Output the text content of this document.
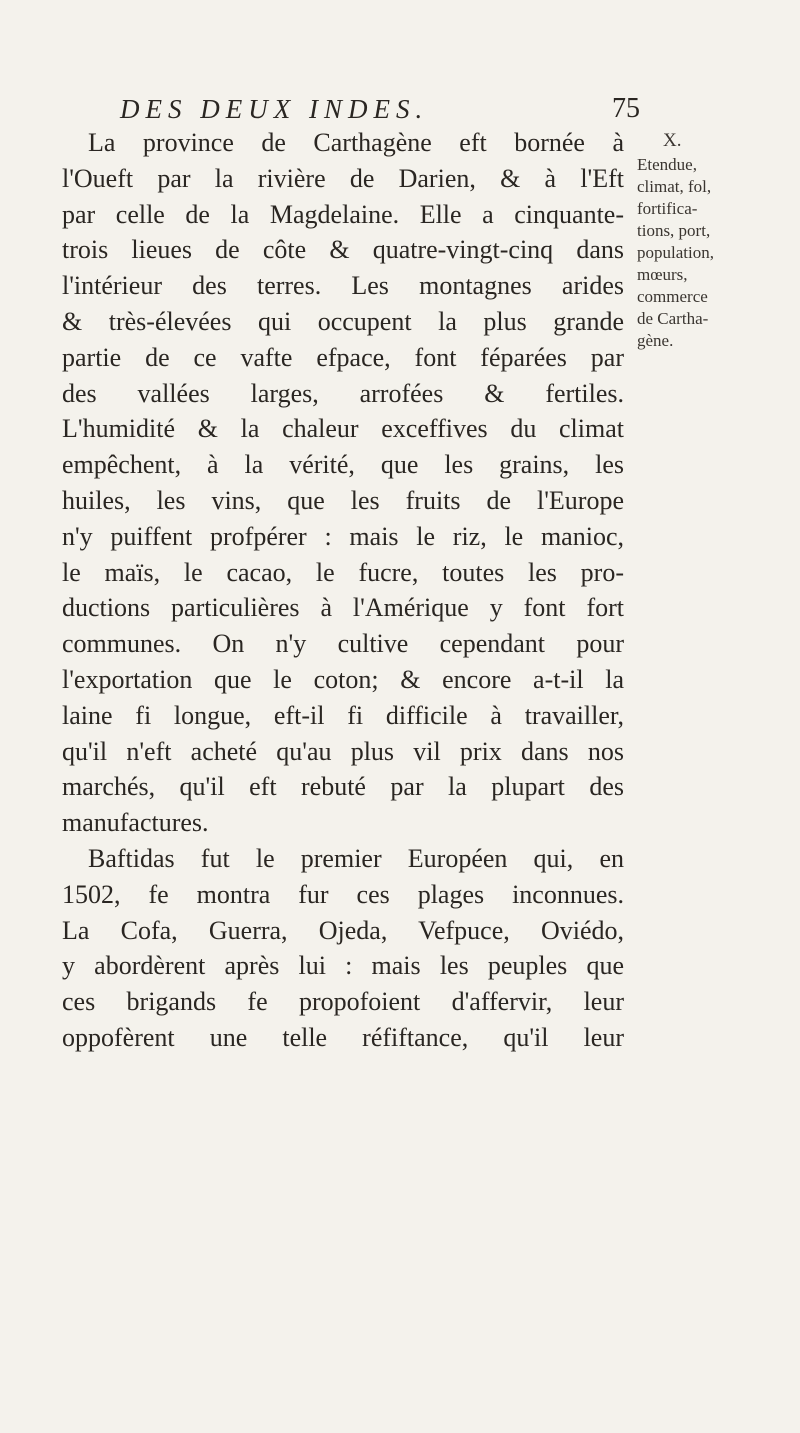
DES DEUX INDES.	75
La province de Carthagène eft bornée à
l'Oueft par la rivière de Darien, & à l'Eft
par celle de la Magdelaine. Elle a cinquante-
trois lieues de côte & quatre-vingt-cinq dans
l'intérieur des terres. Les montagnes arides
& très-élevées qui occupent la plus grande
partie de ce vafte efpace, font féparées par
des vallées larges, arrofées & fertiles.
L'humidité & la chaleur exceffives du climat
empêchent, à la vérité, que les grains, les
huiles, les vins, que les fruits de l'Europe
n'y puiffent profpérer : mais le riz, le manioc,
le maïs, le cacao, le fucre, toutes les pro-
ductions particulières à l'Amérique y font fort
communes. On n'y cultive cependant pour
l'exportation que le coton; & encore a-t-il la
laine fi longue, eft-il fi difficile à travailler,
qu'il n'eft acheté qu'au plus vil prix dans nos
marchés, qu'il eft rebuté par la plupart des
manufactures.
Baftidas fut le premier Européen qui, en
1502, fe montra fur ces plages inconnues.
La Cofa, Guerra, Ojeda, Vefpuce, Oviédo,
y abordèrent après lui : mais les peuples que
ces brigands fe propofoient d'affervir, leur
oppofèrent une telle réfiftance, qu'il leur
X.
Etendue,
climat, fol,
fortifica-
tions, port,
population,
mœurs,
commerce
de Cartha-
gène.
